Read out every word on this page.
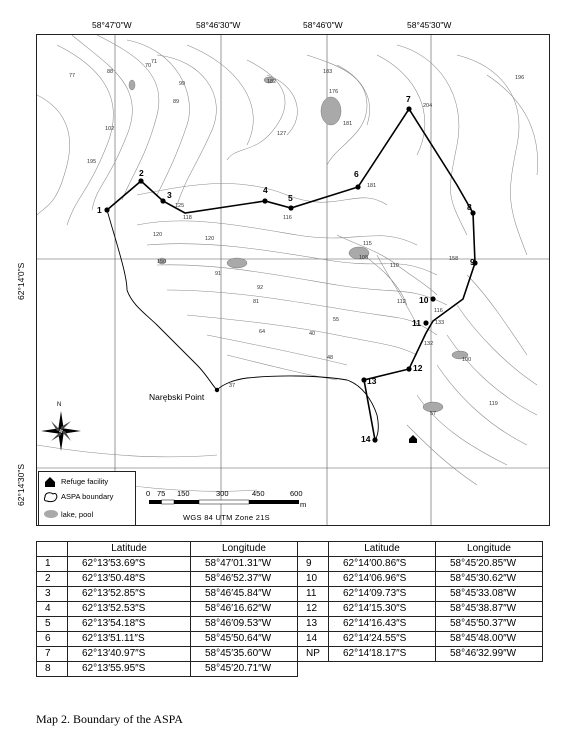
58°47'0"W	58°46'30"W	58°46'0"W	58°45'30"W
62°14'0"S
62°14'30"S
1
2
3	4
5
6
7
8
9
10
11
12
13
14
77
88
71
70
99
89
102
182
183
176
181
127
204
196
195
125
118
120
120
150
181
158
116
115
108
110
112
116
133
132
100
91
92
81
64	40
48
55
119
57
37
Narębski Point
N
Refuge facility
ASPA boundary
lake, pool
0 75 150	300	450	600
m
WGS 84 UTM Zone 21S
	Latitude	Longitude		Latitude	Longitude
1	62°13′53.69″S	58°47′01.31″W	9	62°14′00.86″S	58°45′20.85″W
2	62°13′50.48″S	58°46′52.37″W	10	62°14′06.96″S	58°45′30.62″W
3	62°13′52.85″S	58°46′45.84″W	11	62°14′09.73″S	58°45′33.08″W
4	62°13′52.53″S	58°46′16.62″W	12	62°14′15.30″S	58°45′38.87″W
5	62°13′54.18″S	58°46′09.53″W	13	62°14′16.43″S	58°45′50.37″W
6	62°13′51.11″S	58°45′50.64″W	14	62°14′24.55″S	58°45′48.00″W
7	62°13′40.97″S	58°45′35.60″W	NP	62°14′18.17″S	58°46′32.99″W
8	62°13′55.95″S	58°45′20.71″W			
Map 2. Boundary of the ASPA
